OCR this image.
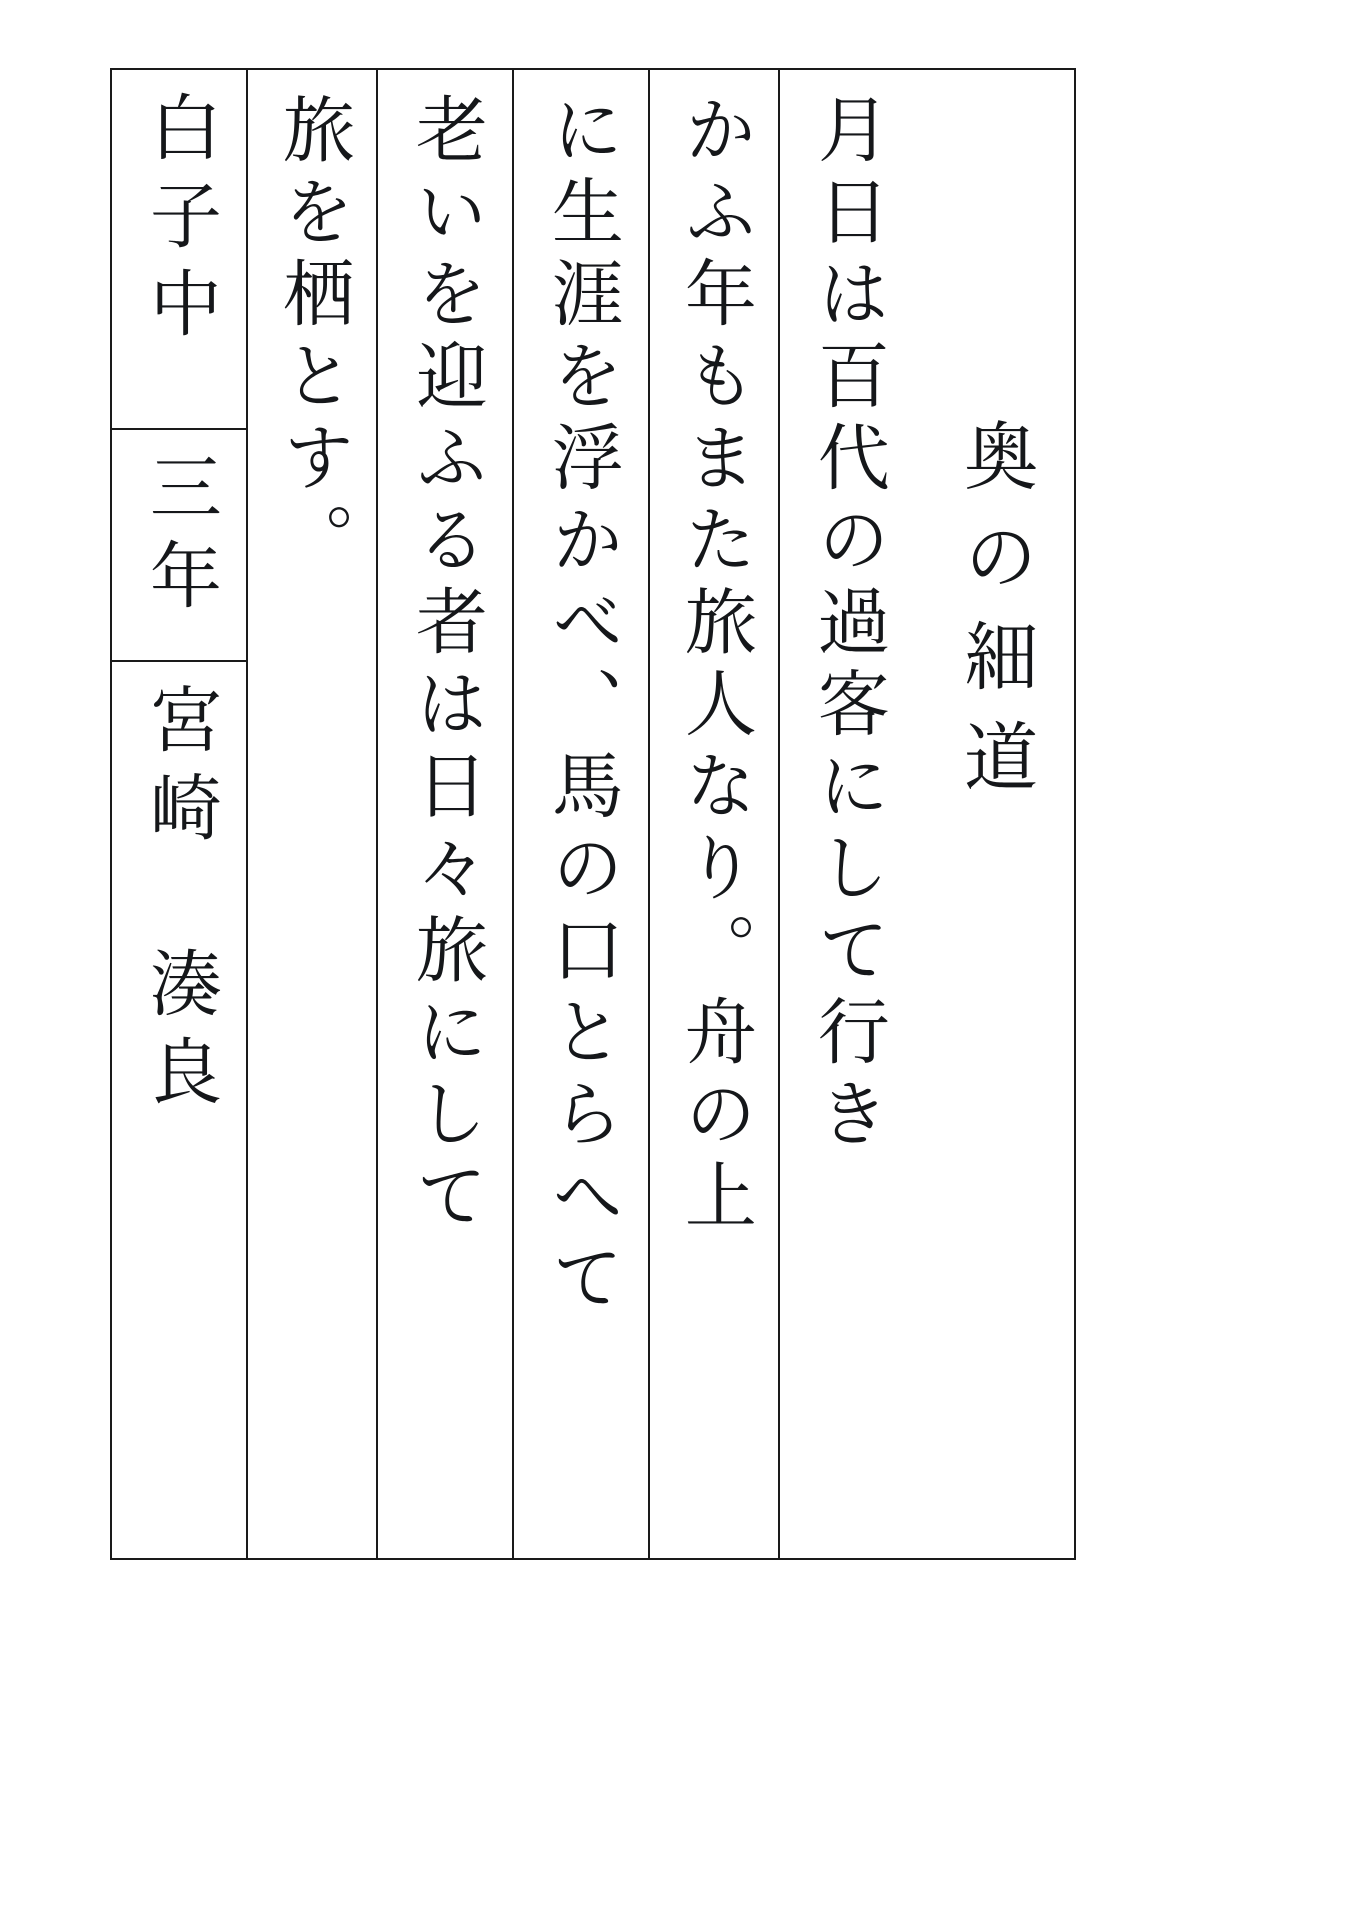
奥の細道
月日は百代の過客にして行き
かふ年もまた旅人なり。舟の上
に生涯を浮かべ、馬の口とらへて
老いを迎ふる者は日々旅にして
旅を栖とす。
白子中
三年
宮崎　湊良
